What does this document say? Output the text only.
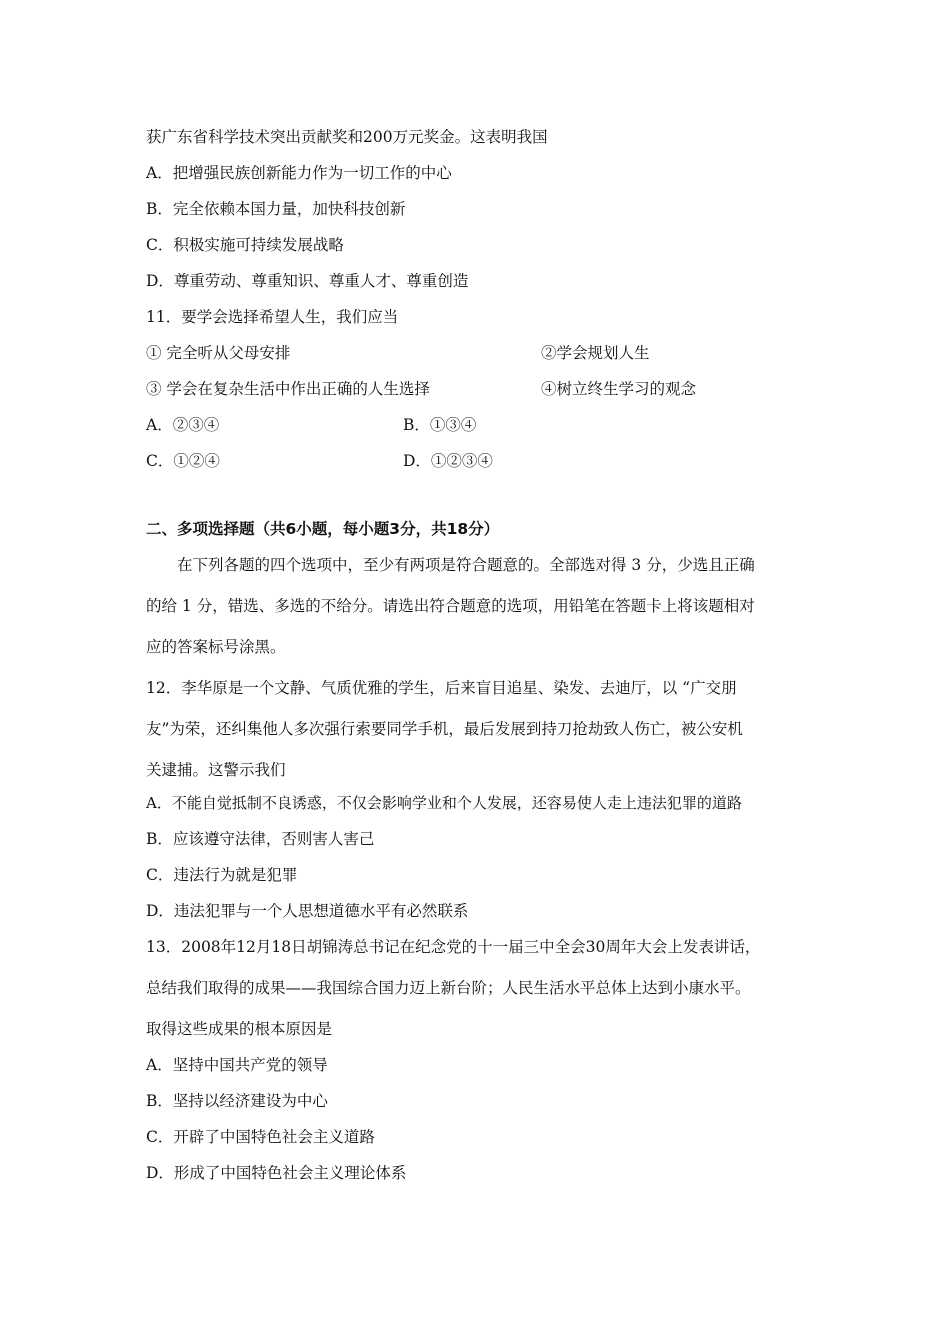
获广东省科学技术突出贡献奖和200万元奖金。这表明我国
A．把增强民族创新能力作为一切工作的中心
B．完全依赖本国力量，加快科技创新
C．积极实施可持续发展战略
D．尊重劳动、尊重知识、尊重人才、尊重创造
11．要学会选择希望人生，我们应当
① 完全听从父母安排	②学会规划人生
③ 学会在复杂生活中作出正确的人生选择	④树立终生学习的观念
A．②③④	B．①③④
C．①②④	D．①②③④
二、多项选择题（共6小题，每小题3分，共18分）
在下列各题的四个选项中，至少有两项是符合题意的。全部选对得 3 分，少选且正确
的给 1 分，错选、多选的不给分。请选出符合题意的选项，用铅笔在答题卡上将该题相对
应的答案标号涂黑。
12．李华原是一个文静、气质优雅的学生，后来盲目追星、染发、去迪厅，以 “广交朋
友”为荣，还纠集他人多次强行索要同学手机，最后发展到持刀抢劫致人伤亡，被公安机
关逮捕。这警示我们
A．不能自觉抵制不良诱惑，不仅会影响学业和个人发展，还容易使人走上违法犯罪的道路
B．应该遵守法律，否则害人害己
C．违法行为就是犯罪
D．违法犯罪与一个人思想道德水平有必然联系
13．2008年12月18日胡锦涛总书记在纪念党的十一届三中全会30周年大会上发表讲话，
总结我们取得的成果——我国综合国力迈上新台阶；人民生活水平总体上达到小康水平。
取得这些成果的根本原因是
A．坚持中国共产党的领导
B．坚持以经济建设为中心
C．开辟了中国特色社会主义道路
D．形成了中国特色社会主义理论体系
